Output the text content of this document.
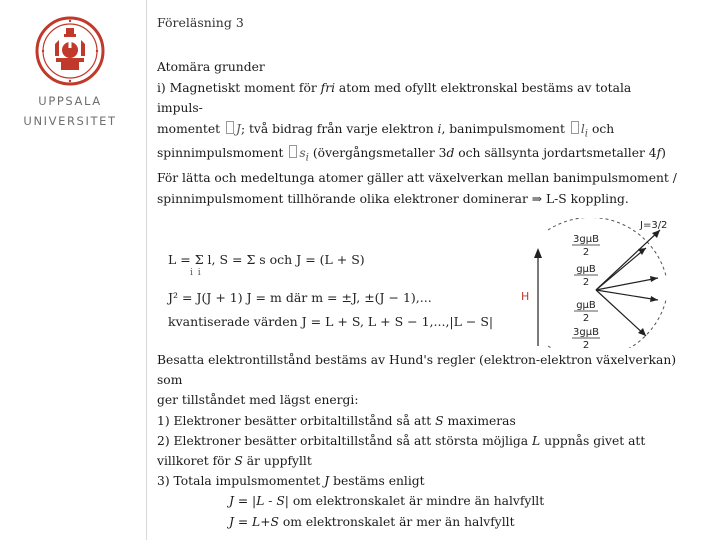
UPPSALA
UNIVERSITET
Föreläsning 3

Atomära grunder

i) Magnetiskt moment för fri atom med ofyllt elektronskal bestäms av totala impuls-
momentet J; två bidrag från varje elektron i, banimpulsmoment $l_i$ och
spinnimpulsmoment $s_i$ (övergångsmetaller 3d och sällsynta jordartsmetaller 4f)

För lätta och medeltunga atomer gäller att växelverkan mellan banimpulsmoment /
spinnimpulsmoment tillhörande olika elektroner dominerar ⇒ L-S koppling.

L = Σ l, S = Σ s och J = (L + S)
i i
J² = J(J + 1) J = m där m = ±J, ±(J − 1),...
kvantiserade värden J = L + S, L + S − 1,...,|L − S|
H
J=3/2
3gμB
2
gμB
2
gμB
2
3gμB
2

Besatta elektrontillstånd bestäms av Hund's regler (elektron-elektron växelverkan) som
ger tillståndet med lägst energi:

1) Elektroner besätter orbitaltillstånd så att S maximeras

2) Elektroner besätter orbitaltillstånd så att största möjliga L uppnås givet att
villkoret för S är uppfyllt

3) Totala impulsmomentet J bestäms enligt

J = |L - S| om elektronskalet är mindre än halvfyllt

J = L+S om elektronskalet är mer än halvfyllt
